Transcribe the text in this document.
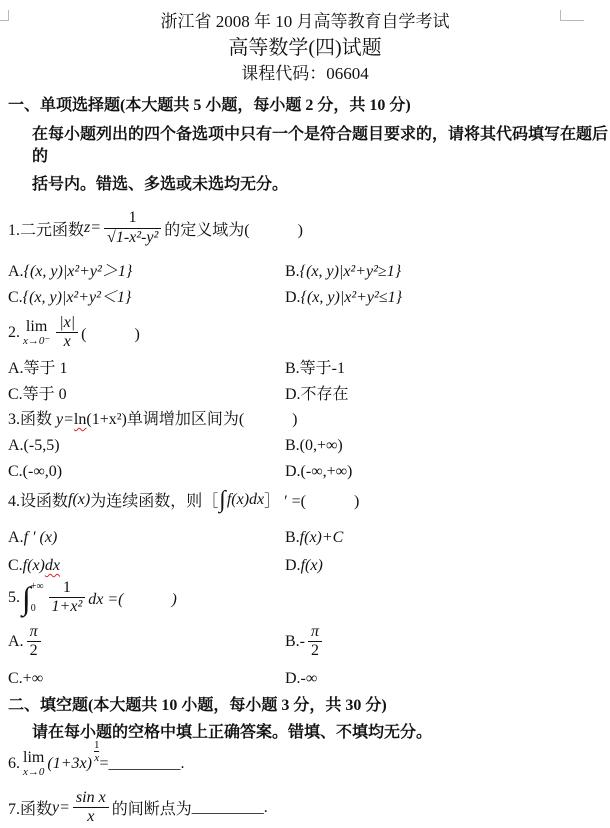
浙江省 2008 年 10 月高等教育自学考试
高等数学(四)试题
课程代码：06604
一、单项选择题(本大题共 5 小题，每小题 2 分，共 10 分)
在每小题列出的四个备选项中只有一个是符合题目要求的，请将其代码填写在题后的
括号内。错选、多选或未选均无分。
1.二元函数 $z= \frac{1}{\text{√1-x²-y²}}$ 的定义域为(　　　)
A. {(x, y)|x²+y²＞1}	B. {(x, y)|x²+y²≥1}
C. {(x, y)|x²+y²＜1}	D. {(x, y)|x²+y²≤1}
2. lim
$x\to 0^- \frac{|x|}{x}$ (　　　)
A.等于 1	B.等于-1
C.等于 0	D.不存在
3.函数 y=ln(1+x²)单调增加区间为(　　　)
A.(-5,5)	B.(0,+∞)
C.(-∞,0)	D.(-∞,+∞)
4.设函数 f(x) 为连续函数，则［ ∫ f(x)dx ］ ′ =(　　　)
A. f ′ (x)	B. f(x)+C
C. f(x) dx	D. f(x)
5. ∫ +∞
$0 \frac{1}{\text{1+x²}}$ dx =(　　　)
A. $\frac{\pi}{2}$	$B.- \frac{\pi}{2}$
C.+∞	D.-∞
二、填空题(本大题共 10 小题，每小题 3 分，共 30 分)
请在每小题的空格中填上正确答案。错填、不填均无分。
6. lim
x→0 $(1+3x) \frac{1}{x}$ = _________.
7.函数 $y= \frac{\text{sin x}}{x}$ 的间断点为 _________.
